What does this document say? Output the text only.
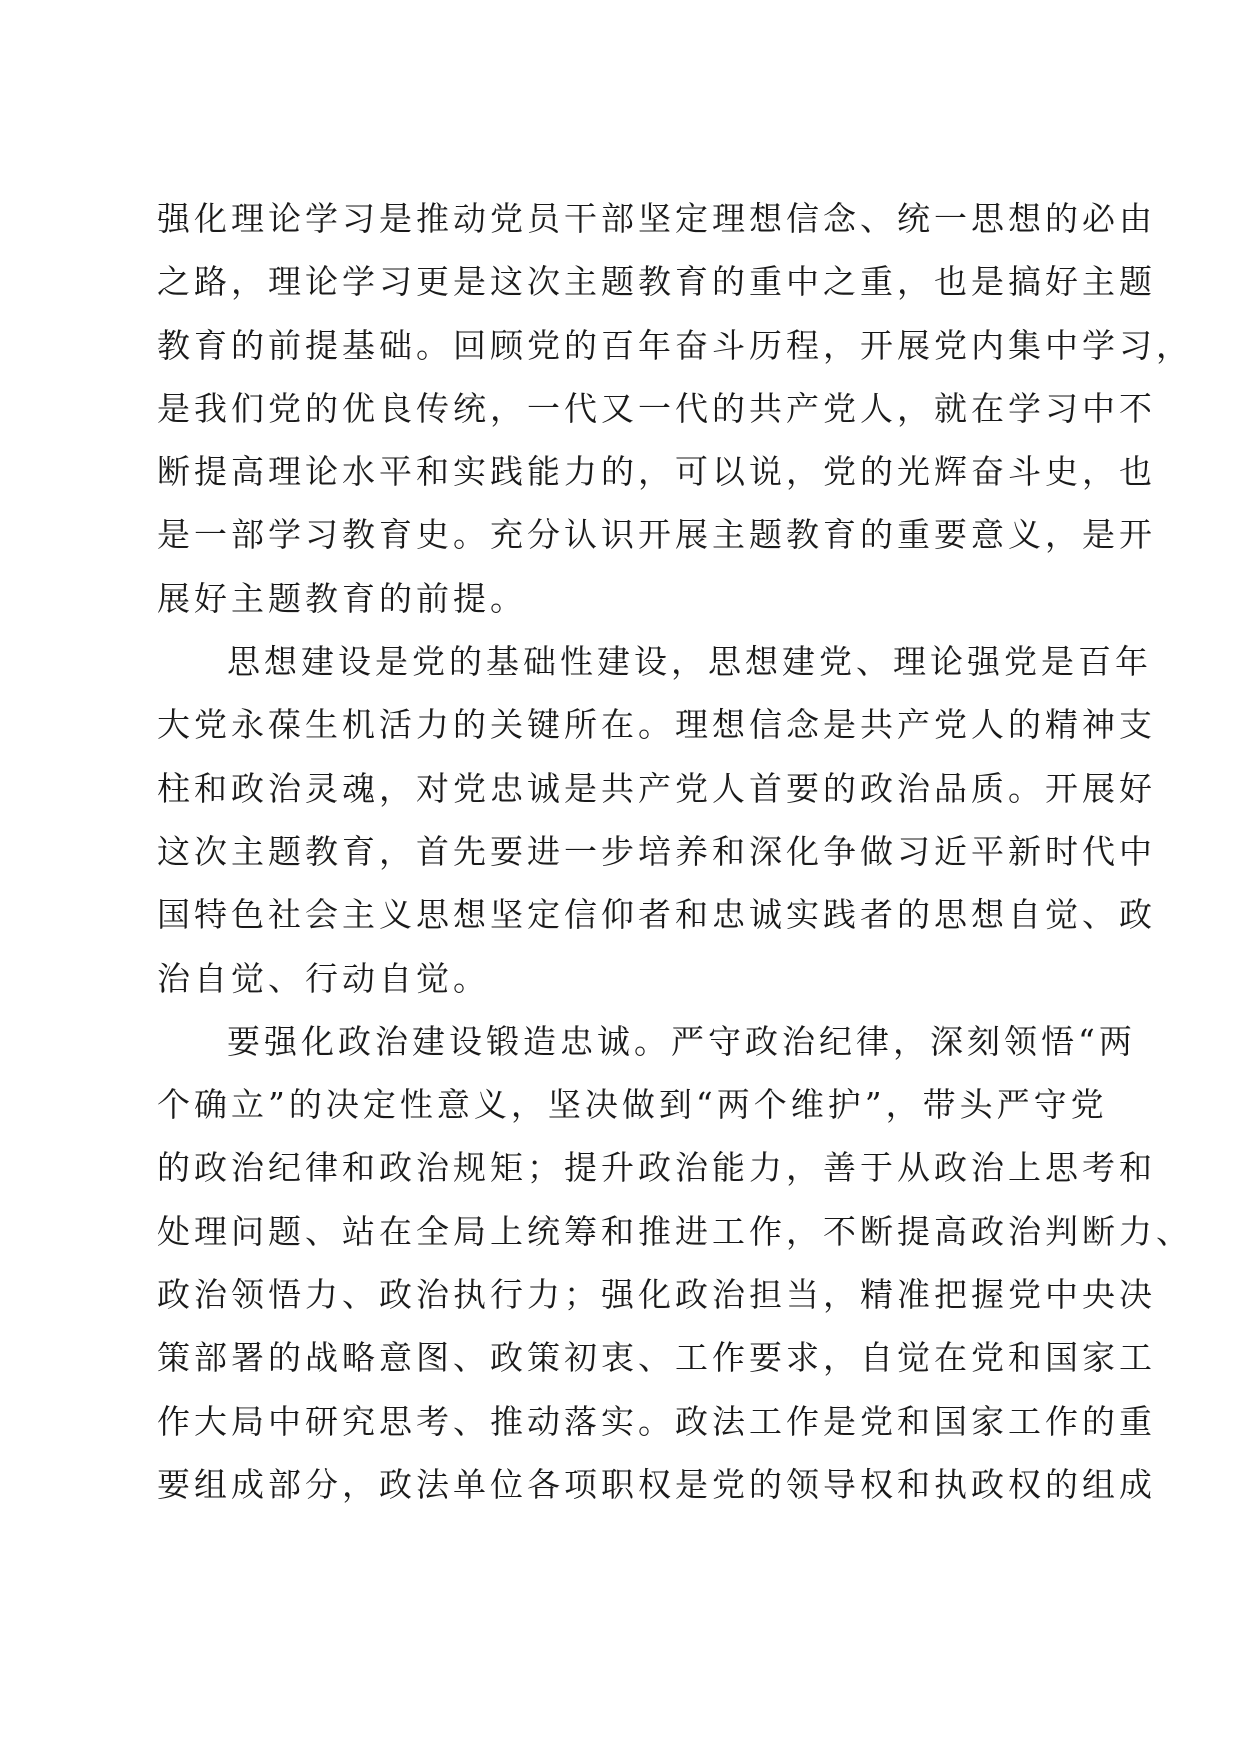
强化理论学习是推动党员干部坚定理想信念、统一思想的必由
之路，理论学习更是这次主题教育的重中之重，也是搞好主题
教育的前提基础。回顾党的百年奋斗历程，开展党内集中学习，
是我们党的优良传统，一代又一代的共产党人，就在学习中不
断提高理论水平和实践能力的，可以说，党的光辉奋斗史，也
是一部学习教育史。充分认识开展主题教育的重要意义，是开
展好主题教育的前提。
思想建设是党的基础性建设，思想建党、理论强党是百年
大党永葆生机活力的关键所在。理想信念是共产党人的精神支
柱和政治灵魂，对党忠诚是共产党人首要的政治品质。开展好
这次主题教育，首先要进一步培养和深化争做习近平新时代中
国特色社会主义思想坚定信仰者和忠诚实践者的思想自觉、政
治自觉、行动自觉。
要强化政治建设锻造忠诚。严守政治纪律，深刻领悟“两
个确立”的决定性意义，坚决做到“两个维护”，带头严守党
的政治纪律和政治规矩；提升政治能力，善于从政治上思考和
处理问题、站在全局上统筹和推进工作，不断提高政治判断力、
政治领悟力、政治执行力；强化政治担当，精准把握党中央决
策部署的战略意图、政策初衷、工作要求，自觉在党和国家工
作大局中研究思考、推动落实。政法工作是党和国家工作的重
要组成部分，政法单位各项职权是党的领导权和执政权的组成
